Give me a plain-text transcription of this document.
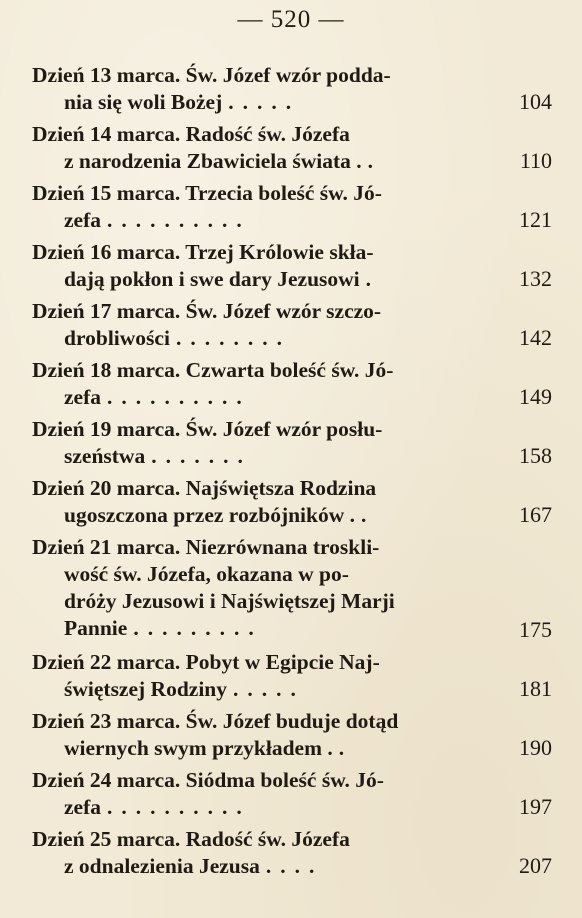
— 520 —
Dzień 13 marca. Św. Józef wzór podda-
nia się woli Bożej .....	104
Dzień 14 marca. Radość św. Józefa
z narodzenia Zbawiciela świata . .	110
Dzień 15 marca. Trzecia boleść św. Jó-
zefa ..........	121
Dzień 16 marca. Trzej Królowie skła-
dają pokłon i swe dary Jezusowi .	132
Dzień 17 marca. Św. Józef wzór szczo-
drobliwości ........	142
Dzień 18 marca. Czwarta boleść św. Jó-
zefa ..........	149
Dzień 19 marca. Św. Józef wzór posłu-
szeństwa .......	158
Dzień 20 marca. Najświętsza Rodzina
ugoszczona przez rozbójników . .	167
Dzień 21 marca. Niezrównana troskli-
wość św. Józefa, okazana w po-
dróży Jezusowi i Najświętszej Marji
Pannie .........	175
Dzień 22 marca. Pobyt w Egipcie Naj-
świętszej Rodziny .....	181
Dzień 23 marca. Św. Józef buduje dotąd
wiernych swym przykładem . .	190
Dzień 24 marca. Siódma boleść św. Jó-
zefa ..........	197
Dzień 25 marca. Radość św. Józefa
z odnalezienia Jezusa ....	207
